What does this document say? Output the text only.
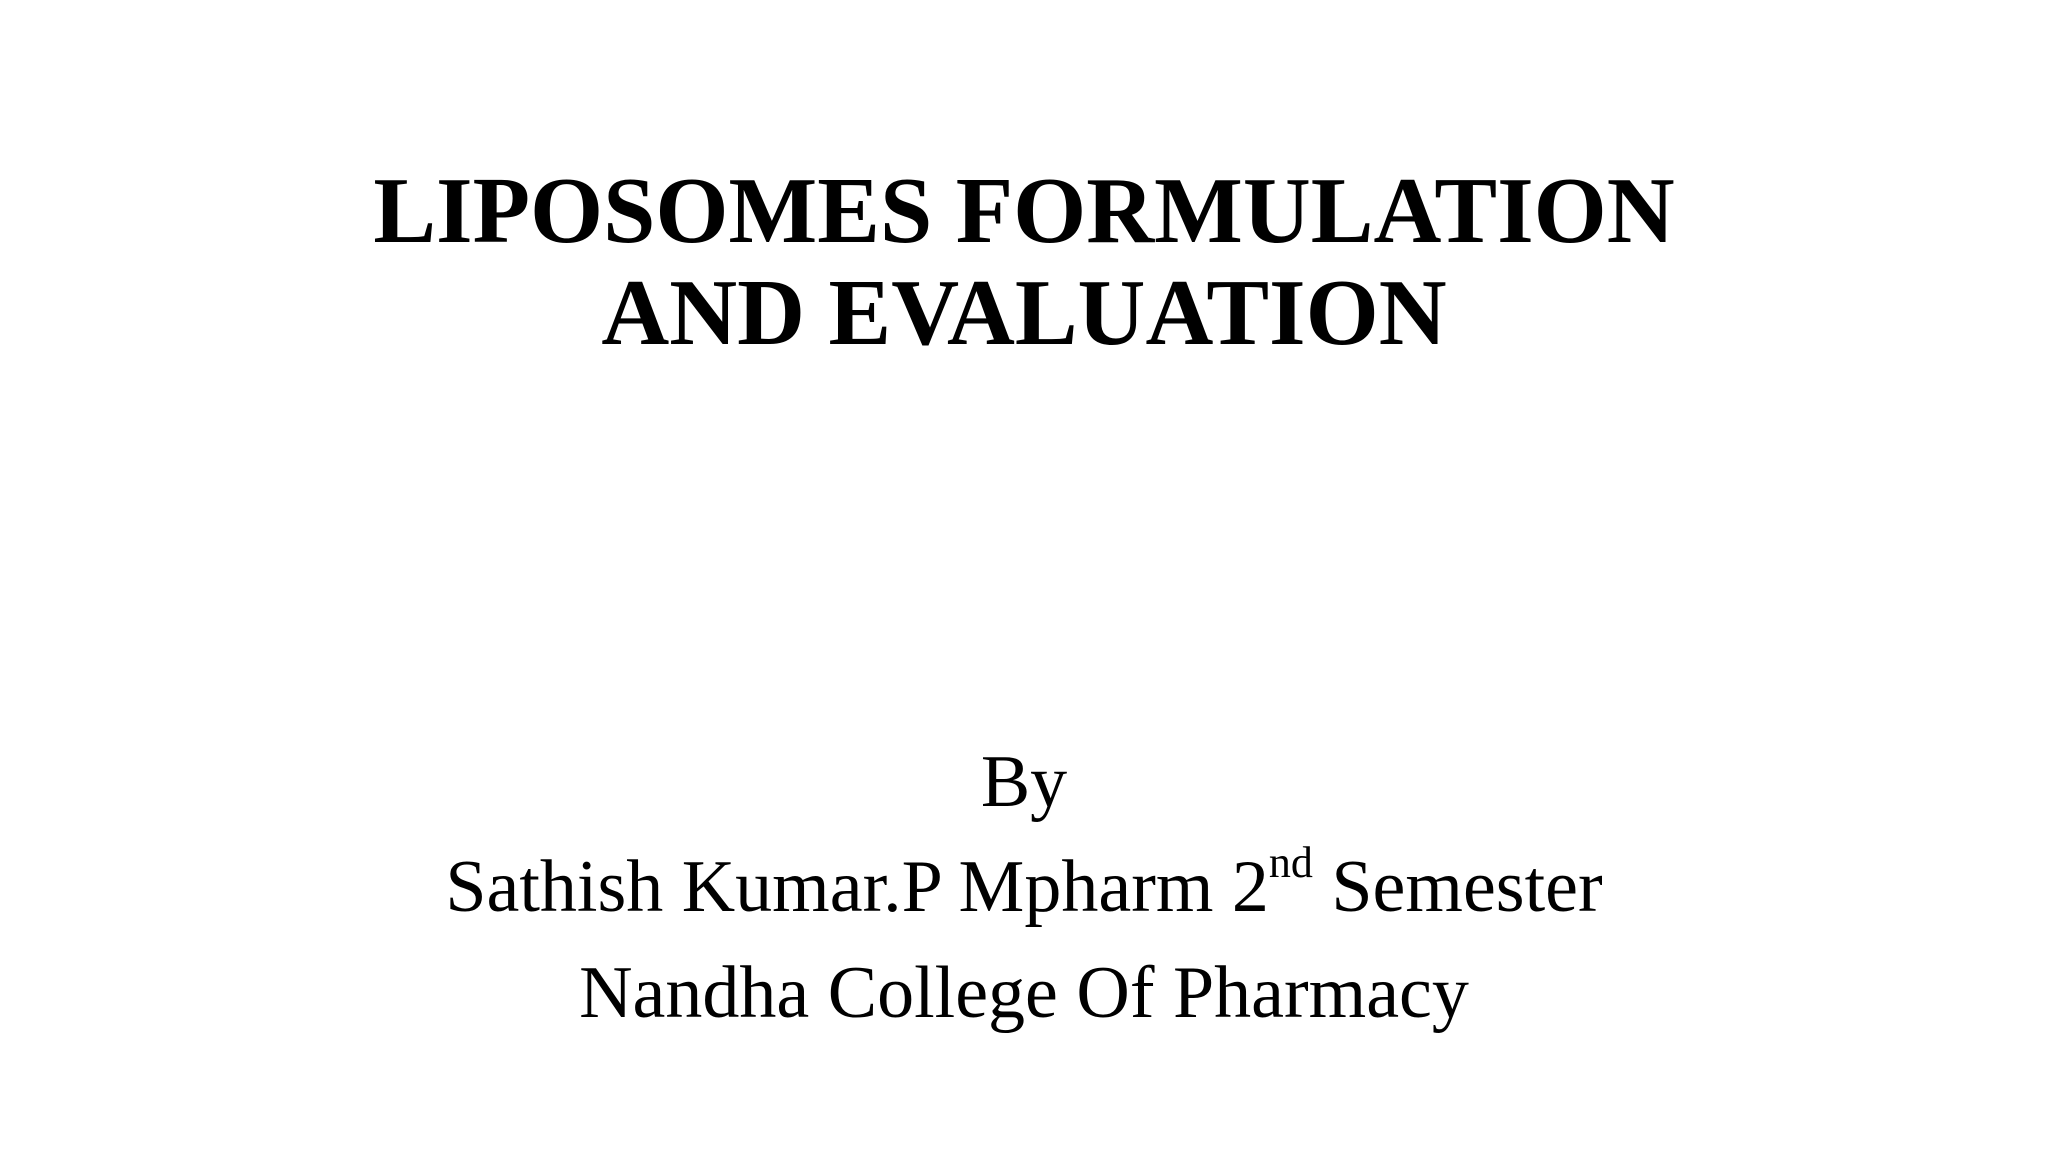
LIPOSOMES FORMULATION
AND EVALUATION
By
Sathish Kumar.P Mpharm 2nd Semester
Nandha College Of Pharmacy
